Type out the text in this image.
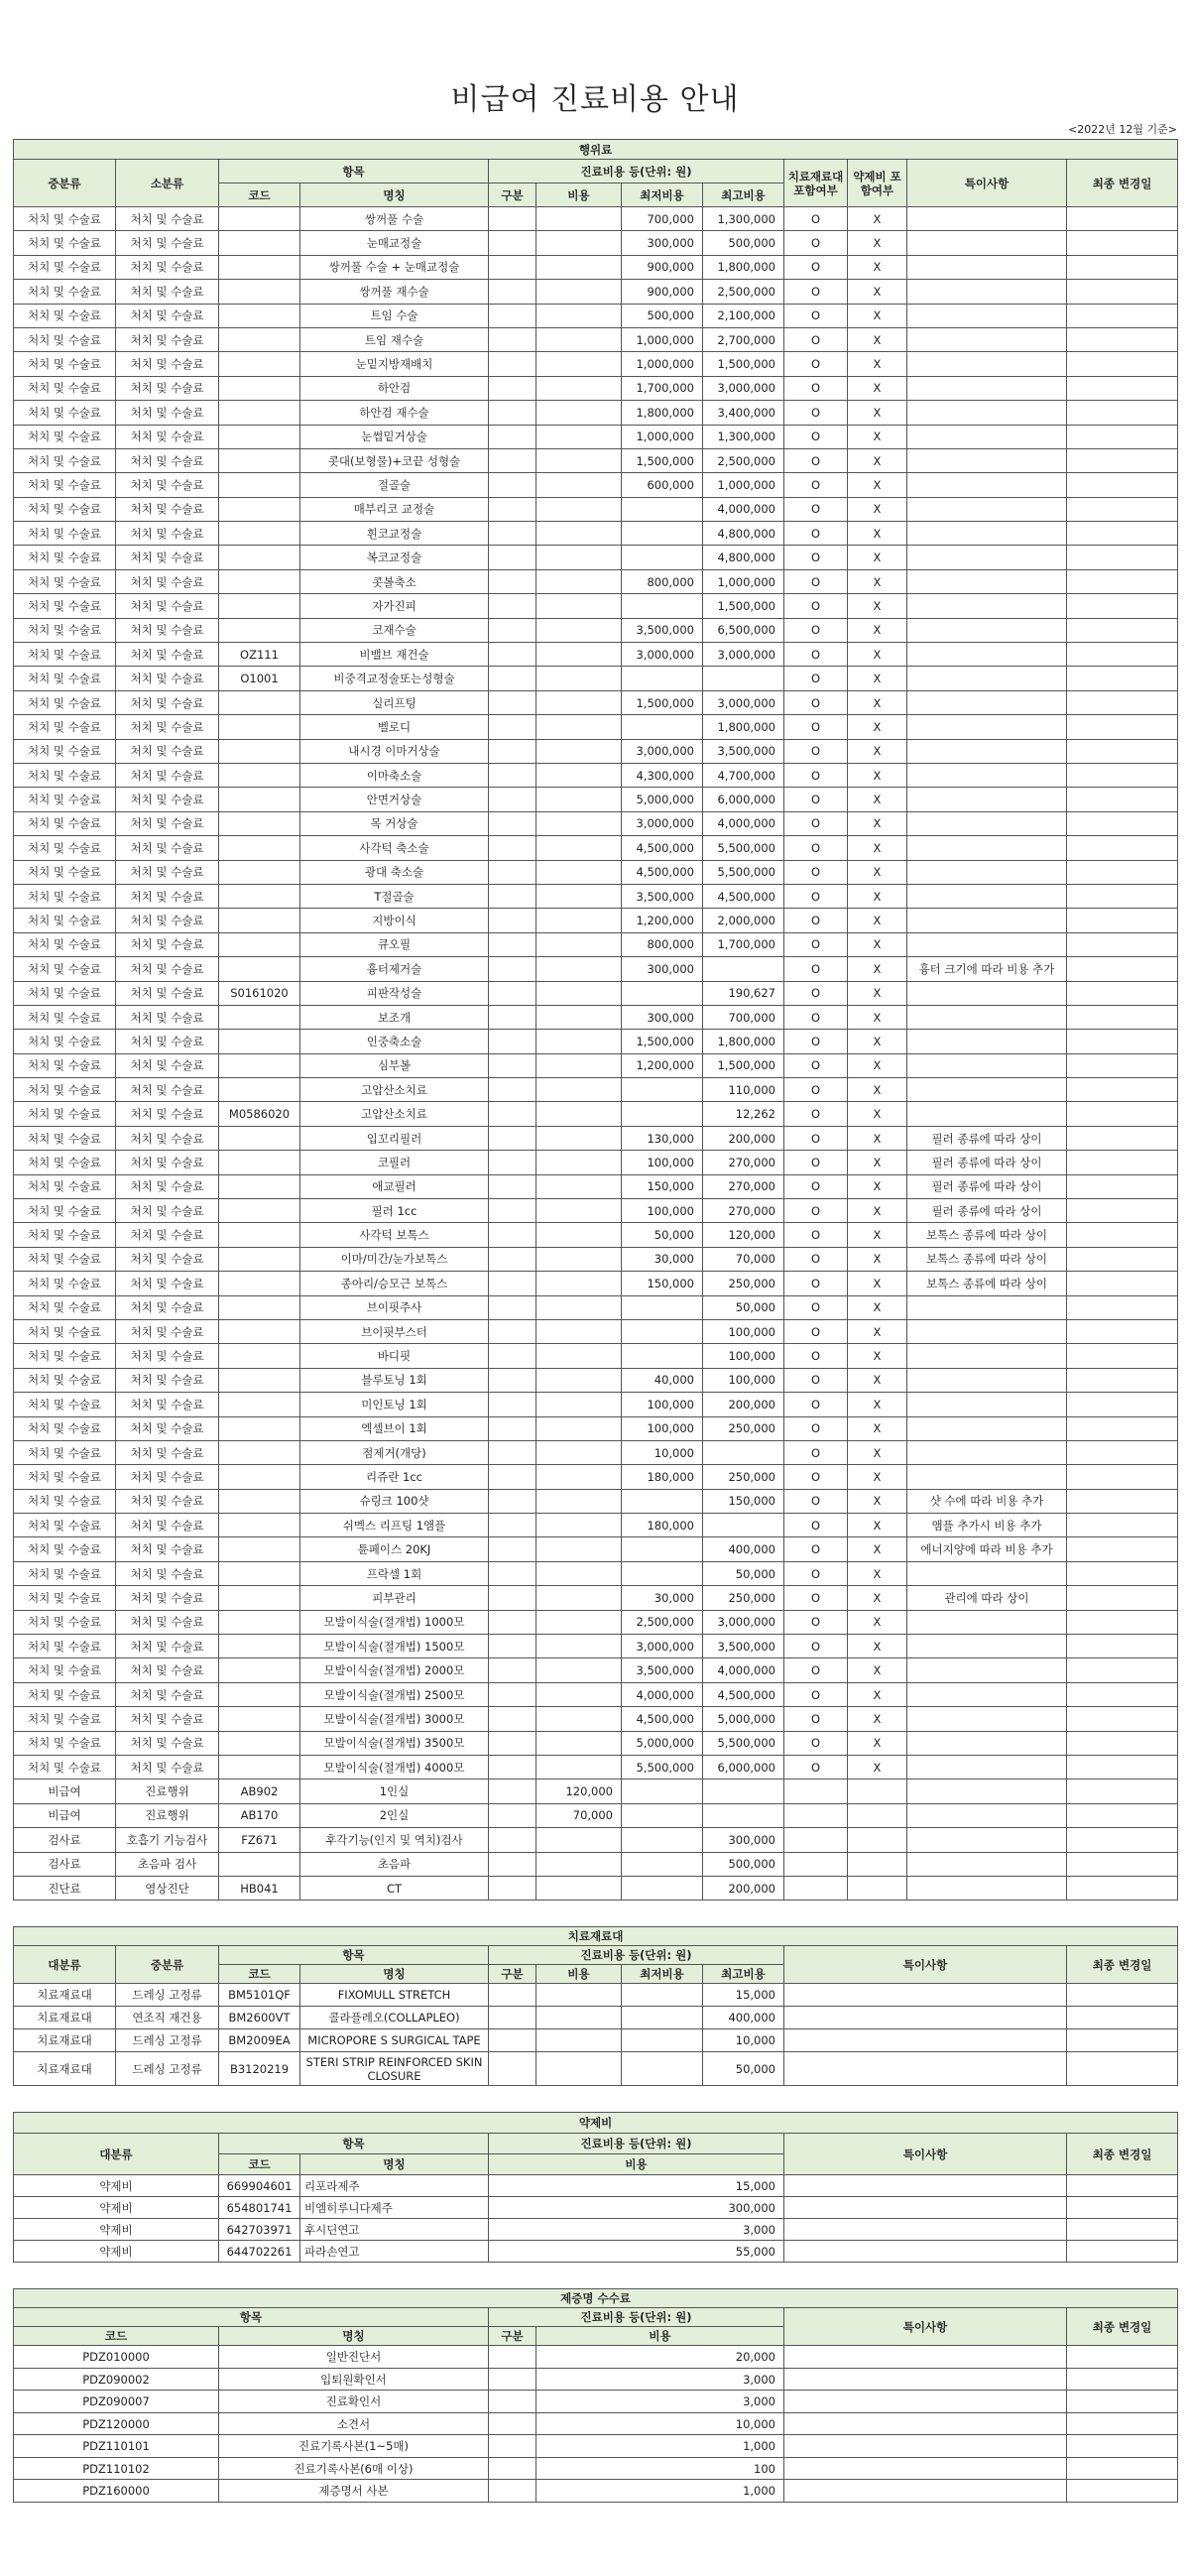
비급여 진료비용 안내
<2022년 12월 기준>
행위료											
중분류	소분류	항목		진료비용 등(단위: 원)				치료재료대 포함여부	약제비 포함여부	특이사항	최종 변경일
		코드	명칭	구분	비용	최저비용	최고비용				
처치 및 수술료	처치 및 수술료		쌍꺼풀 수술			700,000	1,300,000	O	X		
처치 및 수술료	처치 및 수술료		눈매교정술			300,000	500,000	O	X		
처치 및 수술료	처치 및 수술료		쌍꺼풀 수술 + 눈매교정술			900,000	1,800,000	O	X		
처치 및 수술료	처치 및 수술료		쌍꺼풀 재수술			900,000	2,500,000	O	X		
처치 및 수술료	처치 및 수술료		트임 수술			500,000	2,100,000	O	X		
처치 및 수술료	처치 및 수술료		트임 재수술			1,000,000	2,700,000	O	X		
처치 및 수술료	처치 및 수술료		눈밑지방재배치			1,000,000	1,500,000	O	X		
처치 및 수술료	처치 및 수술료		하안검			1,700,000	3,000,000	O	X		
처치 및 수술료	처치 및 수술료		하안검 재수술			1,800,000	3,400,000	O	X		
처치 및 수술료	처치 및 수술료		눈썹밑거상술			1,000,000	1,300,000	O	X		
처치 및 수술료	처치 및 수술료		콧대(보형물)+코끝 성형술			1,500,000	2,500,000	O	X		
처치 및 수술료	처치 및 수술료		절골술			600,000	1,000,000	O	X		
처치 및 수술료	처치 및 수술료		매부리코 교정술				4,000,000	O	X		
처치 및 수술료	처치 및 수술료		휜코교정술				4,800,000	O	X		
처치 및 수술료	처치 및 수술료		복코교정술				4,800,000	O	X		
처치 및 수술료	처치 및 수술료		콧볼축소			800,000	1,000,000	O	X		
처치 및 수술료	처치 및 수술료		자가진피				1,500,000	O	X		
처치 및 수술료	처치 및 수술료		코재수술			3,500,000	6,500,000	O	X		
처치 및 수술료	처치 및 수술료	OZ111	비밸브 재건술			3,000,000	3,000,000	O	X		
처치 및 수술료	처치 및 수술료	O1001	비중격교정술또는성형술					O	X		
처치 및 수술료	처치 및 수술료		실리프팅			1,500,000	3,000,000	O	X		
처치 및 수술료	처치 및 수술료		벨로디				1,800,000	O	X		
처치 및 수술료	처치 및 수술료		내시경 이마거상술			3,000,000	3,500,000	O	X		
처치 및 수술료	처치 및 수술료		이마축소술			4,300,000	4,700,000	O	X		
처치 및 수술료	처치 및 수술료		안면거상술			5,000,000	6,000,000	O	X		
처치 및 수술료	처치 및 수술료		목 거상술			3,000,000	4,000,000	O	X		
처치 및 수술료	처치 및 수술료		사각턱 축소술			4,500,000	5,500,000	O	X		
처치 및 수술료	처치 및 수술료		광대 축소술			4,500,000	5,500,000	O	X		
처치 및 수술료	처치 및 수술료		T절골술			3,500,000	4,500,000	O	X		
처치 및 수술료	처치 및 수술료		지방이식			1,200,000	2,000,000	O	X		
처치 및 수술료	처치 및 수술료		큐오필			800,000	1,700,000	O	X		
처치 및 수술료	처치 및 수술료		흉터제거술			300,000		O	X	흉터 크기에 따라 비용 추가	
처치 및 수술료	처치 및 수술료	S0161020	피판작성술				190,627	O	X		
처치 및 수술료	처치 및 수술료		보조개			300,000	700,000	O	X		
처치 및 수술료	처치 및 수술료		인중축소술			1,500,000	1,800,000	O	X		
처치 및 수술료	처치 및 수술료		심부볼			1,200,000	1,500,000	O	X		
처치 및 수술료	처치 및 수술료		고압산소치료				110,000	O	X		
처치 및 수술료	처치 및 수술료	M0586020	고압산소치료				12,262	O	X		
처치 및 수술료	처치 및 수술료		입꼬리필러			130,000	200,000	O	X	필러 종류에 따라 상이	
처치 및 수술료	처치 및 수술료		코필러			100,000	270,000	O	X	필러 종류에 따라 상이	
처치 및 수술료	처치 및 수술료		애교필러			150,000	270,000	O	X	필러 종류에 따라 상이	
처치 및 수술료	처치 및 수술료		필러 1cc			100,000	270,000	O	X	필러 종류에 따라 상이	
처치 및 수술료	처치 및 수술료		사각턱 보톡스			50,000	120,000	O	X	보톡스 종류에 따라 상이	
처치 및 수술료	처치 및 수술료		이마/미간/눈가보톡스			30,000	70,000	O	X	보톡스 종류에 따라 상이	
처치 및 수술료	처치 및 수술료		종아리/승모근 보톡스			150,000	250,000	O	X	보톡스 종류에 따라 상이	
처치 및 수술료	처치 및 수술료		브이핏주사				50,000	O	X		
처치 및 수술료	처치 및 수술료		브이핏부스터				100,000	O	X		
처치 및 수술료	처치 및 수술료		바디핏				100,000	O	X		
처치 및 수술료	처치 및 수술료		블루토닝 1회			40,000	100,000	O	X		
처치 및 수술료	처치 및 수술료		미인토닝 1회			100,000	200,000	O	X		
처치 및 수술료	처치 및 수술료		엑셀브이 1회			100,000	250,000	O	X		
처치 및 수술료	처치 및 수술료		점제거(개당)			10,000		O	X		
처치 및 수술료	처치 및 수술료		리쥬란 1cc			180,000	250,000	O	X		
처치 및 수술료	처치 및 수술료		슈링크 100샷				150,000	O	X	샷 수에 따라 비용 추가	
처치 및 수술료	처치 및 수술료		쉬멕스 리프팅 1앰플			180,000		O	X	앰플 추가시 비용 추가	
처치 및 수술료	처치 및 수술료		튠페이스 20KJ				400,000	O	X	에너지양에 따라 비용 추가	
처치 및 수술료	처치 및 수술료		프락셀 1회				50,000	O	X		
처치 및 수술료	처치 및 수술료		피부관리			30,000	250,000	O	X	관리에 따라 상이	
처치 및 수술료	처치 및 수술료		모발이식술(절개법) 1000모			2,500,000	3,000,000	O	X		
처치 및 수술료	처치 및 수술료		모발이식술(절개법) 1500모			3,000,000	3,500,000	O	X		
처치 및 수술료	처치 및 수술료		모발이식술(절개법) 2000모			3,500,000	4,000,000	O	X		
처치 및 수술료	처치 및 수술료		모발이식술(절개법) 2500모			4,000,000	4,500,000	O	X		
처치 및 수술료	처치 및 수술료		모발이식술(절개법) 3000모			4,500,000	5,000,000	O	X		
처치 및 수술료	처치 및 수술료		모발이식술(절개법) 3500모			5,000,000	5,500,000	O	X		
처치 및 수술료	처치 및 수술료		모발이식술(절개법) 4000모			5,500,000	6,000,000	O	X		
비급여	진료행위	AB902	1인실		120,000						
비급여	진료행위	AB170	2인실		70,000						
검사료	호흡기 기능검사	FZ671	후각기능(인지 및 역치)검사				300,000				
검사료	초음파 검사		초음파				500,000				
진단료	영상진단	HB041	CT				200,000				
치료재료대									
대분류	중분류	항목		진료비용 등(단위: 원)				특이사항	최종 변경일
		코드	명칭	구분	비용	최저비용	최고비용		
치료재료대	드레싱 고정류	BM5101QF	FIXOMULL STRETCH				15,000		
치료재료대	연조직 재건용	BM2600VT	콜라플레오(COLLAPLEO)				400,000		
치료재료대	드레싱 고정류	BM2009EA	MICROPORE S SURGICAL TAPE				10,000		
치료재료대	드레싱 고정류	B3120219	STERI STRIP REINFORCED SKIN CLOSURE				50,000		
약제비					
대분류	항목		진료비용 등(단위: 원)	특이사항	최종 변경일
	코드	명칭	비용		
약제비	669904601	리포라제주	15,000		
약제비	654801741	비엠히루니다제주	300,000		
약제비	642703971	후시딘연고	3,000		
약제비	644702261	파라손연고	55,000		
제증명 수수료					
항목		진료비용 등(단위: 원)		특이사항	최종 변경일
코드	명칭	구분	비용		
PDZ010000	일반진단서		20,000		
PDZ090002	입퇴원확인서		3,000		
PDZ090007	진료확인서		3,000		
PDZ120000	소견서		10,000		
PDZ110101	진료기록사본(1~5매)		1,000		
PDZ110102	진료기록사본(6매 이상)		100		
PDZ160000	제증명서 사본		1,000		
